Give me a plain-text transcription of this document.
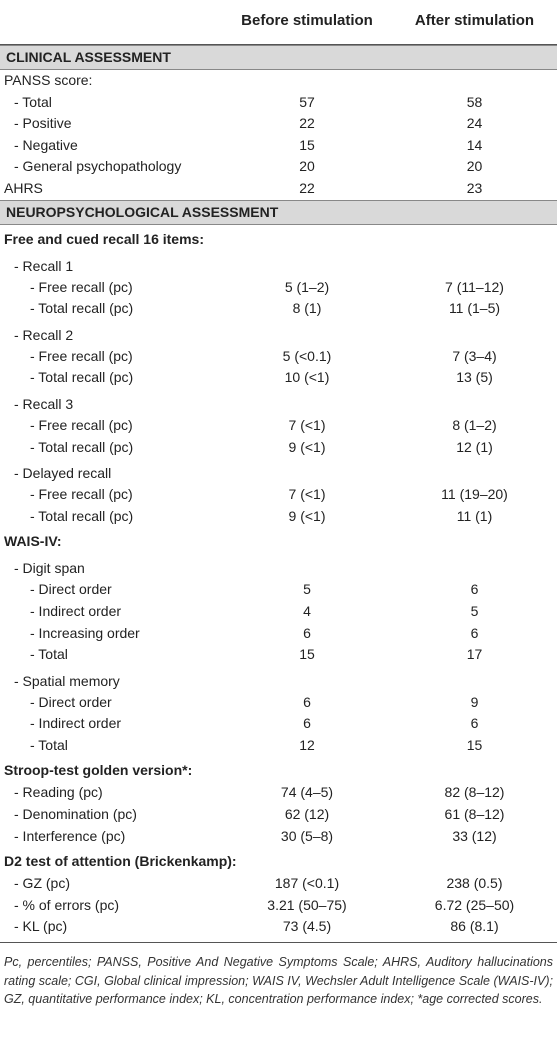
Before stimulation	After stimulation
CLINICAL ASSESSMENT
PANSS score:
- Total	57	58
- Positive	22	24
- Negative	15	14
- General psychopathology	20	20
AHRS	22	23
NEUROPSYCHOLOGICAL ASSESSMENT
Free and cued recall 16 items:
- Recall 1
- Free recall (pc)	5 (1–2)	7 (11–12)
- Total recall (pc)	8 (1)	11 (1–5)
- Recall 2
- Free recall (pc)	5 (<0.1)	7 (3–4)
- Total recall (pc)	10 (<1)	13 (5)
- Recall 3
- Free recall (pc)	7 (<1)	8 (1–2)
- Total recall (pc)	9 (<1)	12 (1)
- Delayed recall
- Free recall (pc)	7 (<1)	11 (19–20)
- Total recall (pc)	9 (<1)	11 (1)
WAIS-IV:
- Digit span
- Direct order	5	6
- Indirect order	4	5
- Increasing order	6	6
- Total	15	17
- Spatial memory
- Direct order	6	9
- Indirect order	6	6
- Total	12	15
Stroop-test golden version*:
- Reading (pc)	74 (4–5)	82 (8–12)
- Denomination (pc)	62 (12)	61 (8–12)
- Interference (pc)	30 (5–8)	33 (12)
D2 test of attention (Brickenkamp):
- GZ (pc)	187 (<0.1)	238 (0.5)
- % of errors (pc)	3.21 (50–75)	6.72 (25–50)
- KL (pc)	73 (4.5)	86 (8.1)
Pc, percentiles; PANSS, Positive And Negative Symptoms Scale; AHRS, Auditory hallucinations rating scale; CGI, Global clinical impression; WAIS IV, Wechsler Adult Intelligence Scale (WAIS-IV); GZ, quantitative performance index; KL, concentration performance index; *age corrected scores.
